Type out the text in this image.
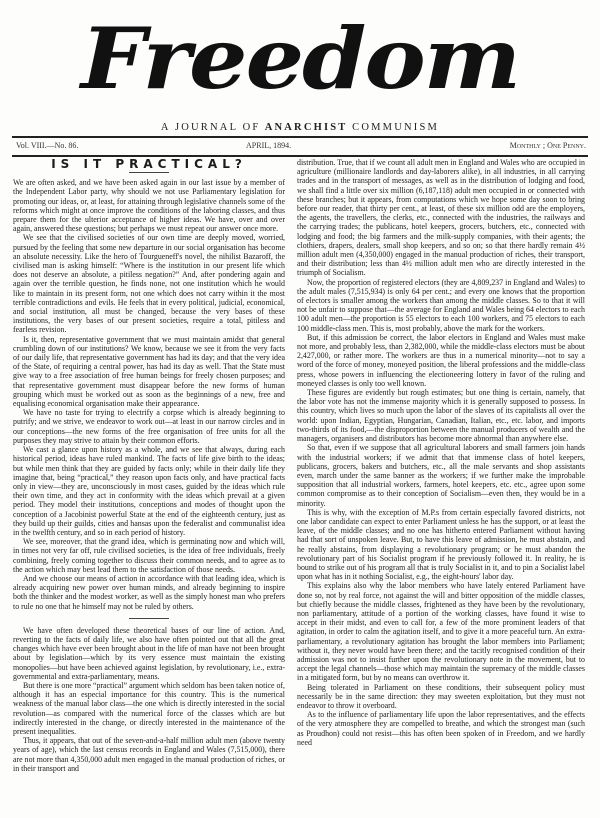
Freedom
A JOURNAL OF ANARCHIST COMMUNISM
Vol. VIII.—No. 86.	APRIL, 1894.	Monthly ; One Penny.
IS IT PRACTICAL?

We are often asked, and we have been asked again in our last issue by a member of the Independent Labor party, why should we not use Parliamentary legislation for promoting our ideas, or, at least, for attaining through legislative channels some of the reforms which might at once improve the conditions of the laboring classes, and thus prepare them for the ulterior acceptance of higher ideas. We have, over and over again, answered these questions; but perhaps we must repeat our answer once more.

We see that the civilised societies of our own time are deeply moved, worried, pursued by the feeling that some new departure in our social organisation has become an absolute necessity. Like the hero of Tourgueneff's novel, the nihilist Bazaroff, the civilised man is asking himself: “Where is the institution in our present life which does not deserve an absolute, a pitiless negation?” And, after pondering again and again over the terrible question, he finds none, not one institution which he would like to maintain in its present form, not one which does not carry within it the most terrible contradictions and evils. He feels that in every political, judicial, economical, and social institution, all must be changed, because the very bases of these institutions, the very bases of our present societies, require a total, pitiless and fearless revision.

Is it, then, representative government that we must maintain amidst that general crumbling down of our institutions? We know, because we see it from the very facts of our daily life, that representative government has had its day; and that the very idea of the State, of requiring a central power, has had its day as well. That the State must give way to a free association of free human beings for freely chosen purposes; and that representative government must disappear before the new forms of human grouping which must be worked out as soon as the beginnings of a new, free and equalising economical organisation make their appearance.

We have no taste for trying to electrify a corpse which is already beginning to putrify; and we strive, we endeavor to work out—at least in our narrow circles and in our conceptions—the new forms of the free organisation of free units for all the purposes they may strive to attain by their common efforts.

We cast a glance upon history as a whole, and we see that always, during each historical period, ideas have ruled mankind. The facts of life give birth to the ideas; but while men think that they are guided by facts only; while in their daily life they imagine that, being “practical,” they reason upon facts only, and have practical facts only in view—they are, unconsciously in most cases, guided by the ideas which rule their own time, and they act in conformity with the ideas which prevail at a given period. They model their institutions, conceptions and modes of thought upon the conception of a Jacobinist powerful State at the end of the eighteenth century, just as they build up their guilds, cities and hansas upon the federalist and communalist idea in the twelfth century, and so in each period of history.

We see, moreover, that the grand idea, which is germinating now and which will, in times not very far off, rule civilised societies, is the idea of free individuals, freely combining, freely coming together to discuss their common needs, and to agree as to the action which may best lead them to the satisfaction of those needs.

And we choose our means of action in accordance with that leading idea, which is already acquiring new power over human minds, and already beginning to inspire both the thinker and the modest worker, as well as the simply honest man who prefers to rule no one that he himself may not be ruled by others.

We have often developed these theoretical bases of our line of action. And, reverting to the facts of daily life, we also have often pointed out that all the great changes which have ever been brought about in the life of man have not been brought about by legislation—which by its very essence must maintain the existing monopolies—but have been achieved against legislation, by revolutionary, i.e., extra-governmental and extra-parliamentary, means.

But there is one more “practical” argument which seldom has been taken notice of, although it has an especial importance for this country. This is the numerical weakness of the manual labor class—the one which is directly interested in the social revolution—as compared with the numerical force of the classes which are but indirectly interested in the change, or directly interested in the maintenance of the present inequalities.

Thus, it appears, that out of the seven-and-a-half million adult men (above twenty years of age), which the last census records in England and Wales (7,515,000), there are not more than 4,350,000 adult men engaged in the manual production of riches, or in their transport and

distribution. True, that if we count all adult men in England and Wales who are occupied in agriculture (millionaire landlords and day-laborers alike), in all industries, in all carrying trades and in the transport of messages, as well as in the distribution of lodging and food, we shall find a little over six million (6,187,118) adult men occupied in or connected with these branches; but it appears, from computations which we hope some day soon to bring before our reader, that thirty per cent., at least, of these six million odd are the employers, the agents, the travellers, the clerks, etc., connected with the industries, the railways and the carrying trades; the publicans, hotel keepers, grocers, butchers, etc., connected with lodging and food; the big farmers and the milk-supply companies, with their agents; the clothiers, drapers, dealers, small shop keepers, and so on; so that there hardly remain 4½ million adult men (4,350,000) engaged in the manual production of riches, their transport, and their distribution; less than 4½ million adult men who are directly interested in the triumph of Socialism.

Now, the proportion of registered electors (they are 4,809,237 in England and Wales) to the adult males (7,515,934) is only 64 per cent.; and every one knows that the proportion of electors is smaller among the workers than among the middle classes. So to that it will not be unfair to suppose that—the average for England and Wales being 64 electors to each 100 adult men—the proportion is 55 electors to each 100 workers, and 75 electors to each 100 middle-class men. This is, most probably, above the mark for the workers.

But, if this admission be correct, the labor electors in England and Wales must make not more, and probably less, than 2,382,000, while the middle-class electors must be about 2,427,000, or rather more. The workers are thus in a numerical minority—not to say a word of the force of money, moneyed position, the liberal professions and the middle-class press, whose powers in influencing the electioneering lottery in favor of the ruling and moneyed classes is only too well known.

These figures are evidently but rough estimates; but one thing is certain, namely, that the labor vote has not the immense majority which it is generally supposed to possess. In this country, which lives so much upon the labor of the slaves of its capitalists all over the world: upon Indian, Egyptian, Hungarian, Canadian, Italian, etc., etc. labor, and imports two-thirds of its food,—the disproportion between the manual producers of wealth and the managers, organisers and distributors has become more abnormal than anywhere else.

So that, even if we suppose that all agricultural laborers and small farmers join hands with the industrial workers; if we admit that that immense class of hotel keepers, publicans, grocers, bakers and butchers, etc., all the male servants and shop assistants even, march under the same banner as the workers; if we further make the improbable supposition that all industrial workers, farmers, hotel keepers, etc. etc., agree upon some common compromise as to their conception of Socialism—even then, they would be in a minority.

This is why, with the exception of M.P.s from certain especially favored districts, not one labor candidate can expect to enter Parliament unless he has the support, or at least the leave, of the middle classes; and no one has hitherto entered Parliament without having had that sort of unspoken leave. But, to have this leave of admission, he must abstain, and he really abstains, from displaying a revolutionary program; or he must abandon the revolutionary part of his Socialist program if he previously followed it. In reality, he is bound to strike out of his program all that is truly Socialist in it, and to pin a Socialist label upon what has in it nothing Socialist, e.g., the eight-hours' labor day.

This explains also why the labor members who have lately entered Parliament have done so, not by real force, not against the will and bitter opposition of the middle classes, but chiefly because the middle classes, frightened as they have been by the revolutionary, non parliamentary, attitude of a portion of the working classes, have found it wise to accept in their midst, and even to call for, a few of the more prominent leaders of that agitation, in order to calm the agitation itself, and to give it a more peaceful turn. An extra-parliamentary, a revolutionary agitation has brought the labor members into Parliament; without it, they never would have been there; and the tacitly recognised condition of their admission was not to insist further upon the revolutionary note in the movement, but to accept the legal channels—those which may maintain the supremacy of the middle classes in a mitigated form, but by no means can overthrow it.

Being tolerated in Parliament on these conditions, their subsequent policy must necessarily be in the same direction: they may sweeten exploitation, but they must not endeavor to throw it overboard.

As to the influence of parliamentary life upon the labor representatives, and the effects of the very atmosphere they are compelled to breathe, and which the strongest man (such as Proudhon) could not resist—this has often been spoken of in Freedom, and we hardly need
